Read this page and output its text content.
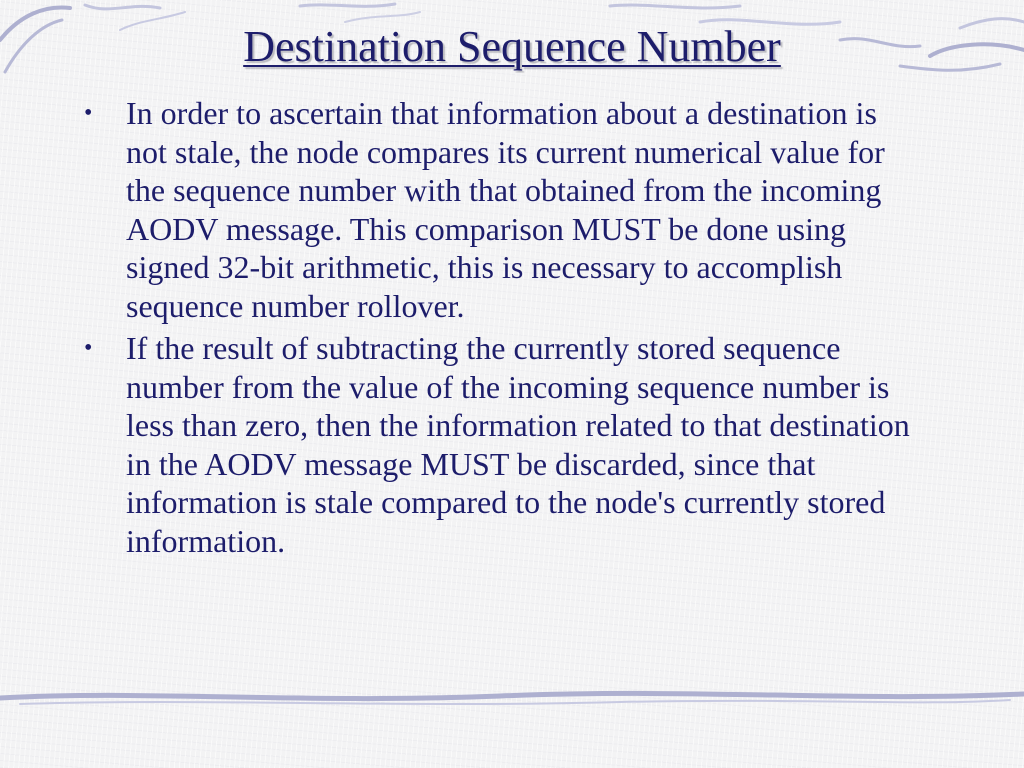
Destination Sequence Number
• In order to ascertain that information about a destination is not stale, the node compares its current numerical value for the sequence number with that obtained from the incoming AODV message. This comparison MUST be done using signed 32-bit arithmetic, this is necessary to accomplish sequence number rollover.
• If the result of subtracting the currently stored sequence number from the value of the incoming sequence number is less than zero, then the information related to that destination in the AODV message MUST be discarded, since that information is stale compared to the node's currently stored information.
